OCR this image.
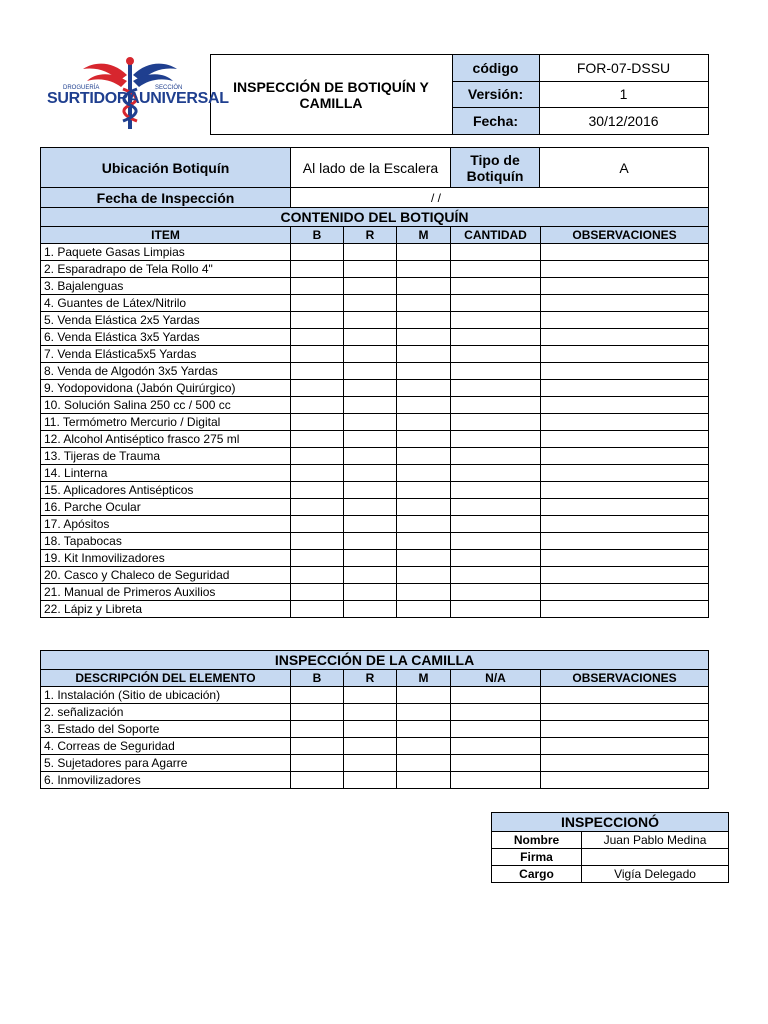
DROGUERÍA SECCIÓN
SURTIDORA UNIVERSAL	INSPECCIÓN DE BOTIQUÍN Y CAMILLA	código	FOR-07-DSSU
		Versión:	1
		Fecha:	30/12/2016
Ubicación Botiquín	Al lado de la Escalera	Tipo de Botiquín	A
Fecha de Inspección	/ /		
CONTENIDO DEL BOTIQUÍN					
ITEM	B	R	M	CANTIDAD	OBSERVACIONES
1. Paquete Gasas Limpias					
2. Esparadrapo de Tela Rollo 4"					
3. Bajalenguas					
4. Guantes de Látex/Nitrilo					
5. Venda Elástica 2x5 Yardas					
6. Venda Elástica 3x5 Yardas					
7. Venda Elástica5x5 Yardas					
8. Venda de Algodón 3x5 Yardas					
9. Yodopovidona (Jabón Quirúrgico)					
10. Solución Salina 250 cc / 500 cc					
11. Termómetro Mercurio / Digital					
12. Alcohol Antiséptico frasco 275 ml					
13. Tijeras de Trauma					
14. Linterna					
15. Aplicadores Antisépticos					
16. Parche Ocular					
17. Apósitos					
18. Tapabocas					
19. Kit Inmovilizadores					
20. Casco y Chaleco de Seguridad					
21. Manual de Primeros Auxilios					
22. Lápiz y Libreta					
INSPECCIÓN DE LA CAMILLA					
DESCRIPCIÓN DEL ELEMENTO	B	R	M	N/A	OBSERVACIONES
1. Instalación (Sitio de ubicación)					
2. señalización					
3. Estado del Soporte					
4. Correas de Seguridad					
5. Sujetadores para Agarre					
6. Inmovilizadores					
INSPECCIONÓ	
Nombre	Juan Pablo Medina
Firma	
Cargo	Vigía Delegado
